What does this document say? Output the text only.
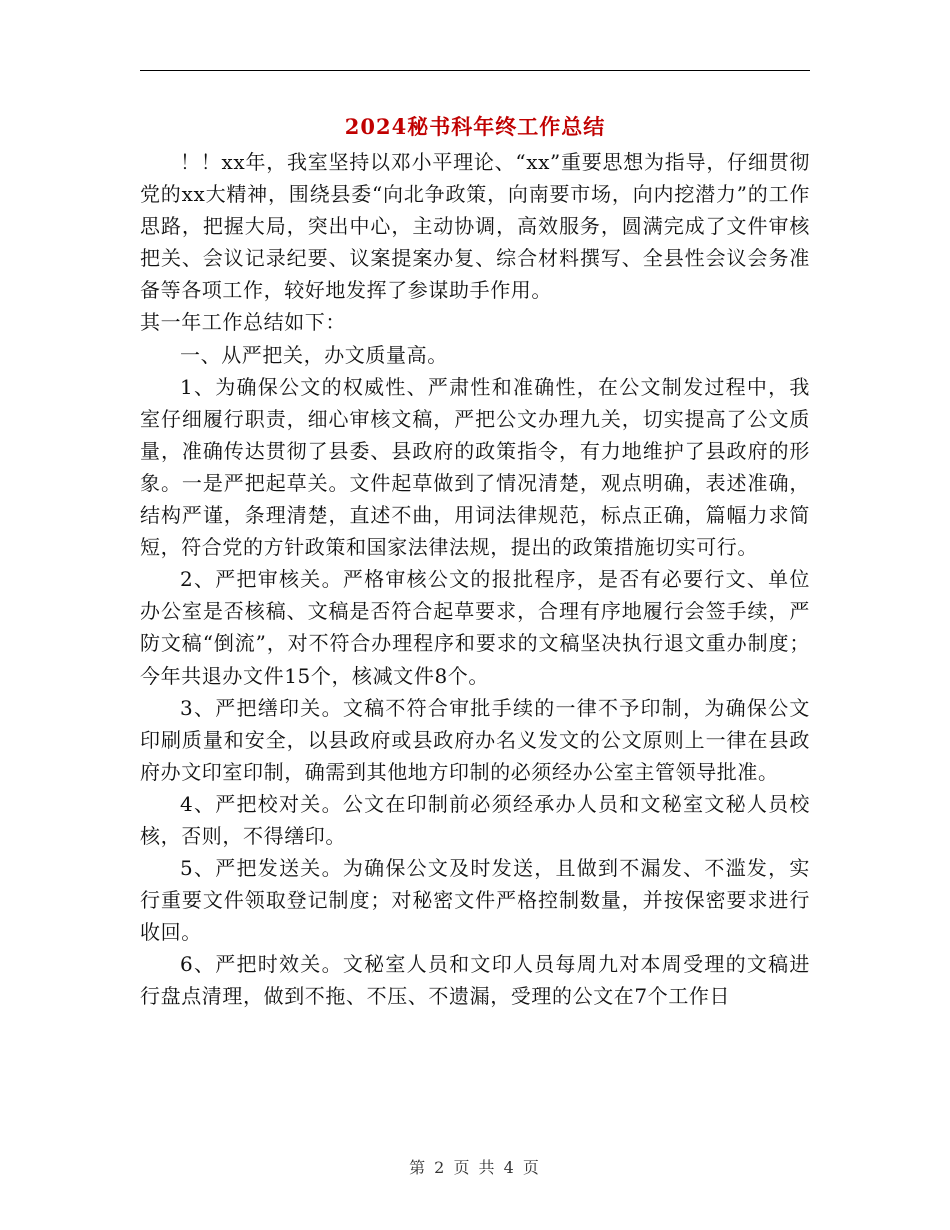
2024秘书科年终工作总结

！！xx年，我室坚持以邓小平理论、“xx”重要思想为指导，仔细贯彻党的xx大精神，围绕县委“向北争政策，向南要市场，向内挖潜力”的工作思路，把握大局，突出中心，主动协调，高效服务，圆满完成了文件审核把关、会议记录纪要、议案提案办复、综合材料撰写、全县性会议会务准备等各项工作，较好地发挥了参谋助手作用。

其一年工作总结如下：

一、从严把关，办文质量高。

1、为确保公文的权威性、严肃性和准确性，在公文制发过程中，我室仔细履行职责，细心审核文稿，严把公文办理九关，切实提高了公文质量，准确传达贯彻了县委、县政府的政策指令，有力地维护了县政府的形象。一是严把起草关。文件起草做到了情况清楚，观点明确，表述准确，结构严谨，条理清楚，直述不曲，用词法律规范，标点正确，篇幅力求简短，符合党的方针政策和国家法律法规，提出的政策措施切实可行。

2、严把审核关。严格审核公文的报批程序，是否有必要行文、单位办公室是否核稿、文稿是否符合起草要求，合理有序地履行会签手续，严防文稿“倒流”，对不符合办理程序和要求的文稿坚决执行退文重办制度；今年共退办文件15个，核减文件8个。

3、严把缮印关。文稿不符合审批手续的一律不予印制，为确保公文印刷质量和安全，以县政府或县政府办名义发文的公文原则上一律在县政府办文印室印制，确需到其他地方印制的必须经办公室主管领导批准。

4、严把校对关。公文在印制前必须经承办人员和文秘室文秘人员校核，否则，不得缮印。

5、严把发送关。为确保公文及时发送，且做到不漏发、不滥发，实行重要文件领取登记制度；对秘密文件严格控制数量，并按保密要求进行收回。

6、严把时效关。文秘室人员和文印人员每周九对本周受理的文稿进行盘点清理，做到不拖、不压、不遗漏，受理的公文在7个工作日

第 2 页 共 4 页
